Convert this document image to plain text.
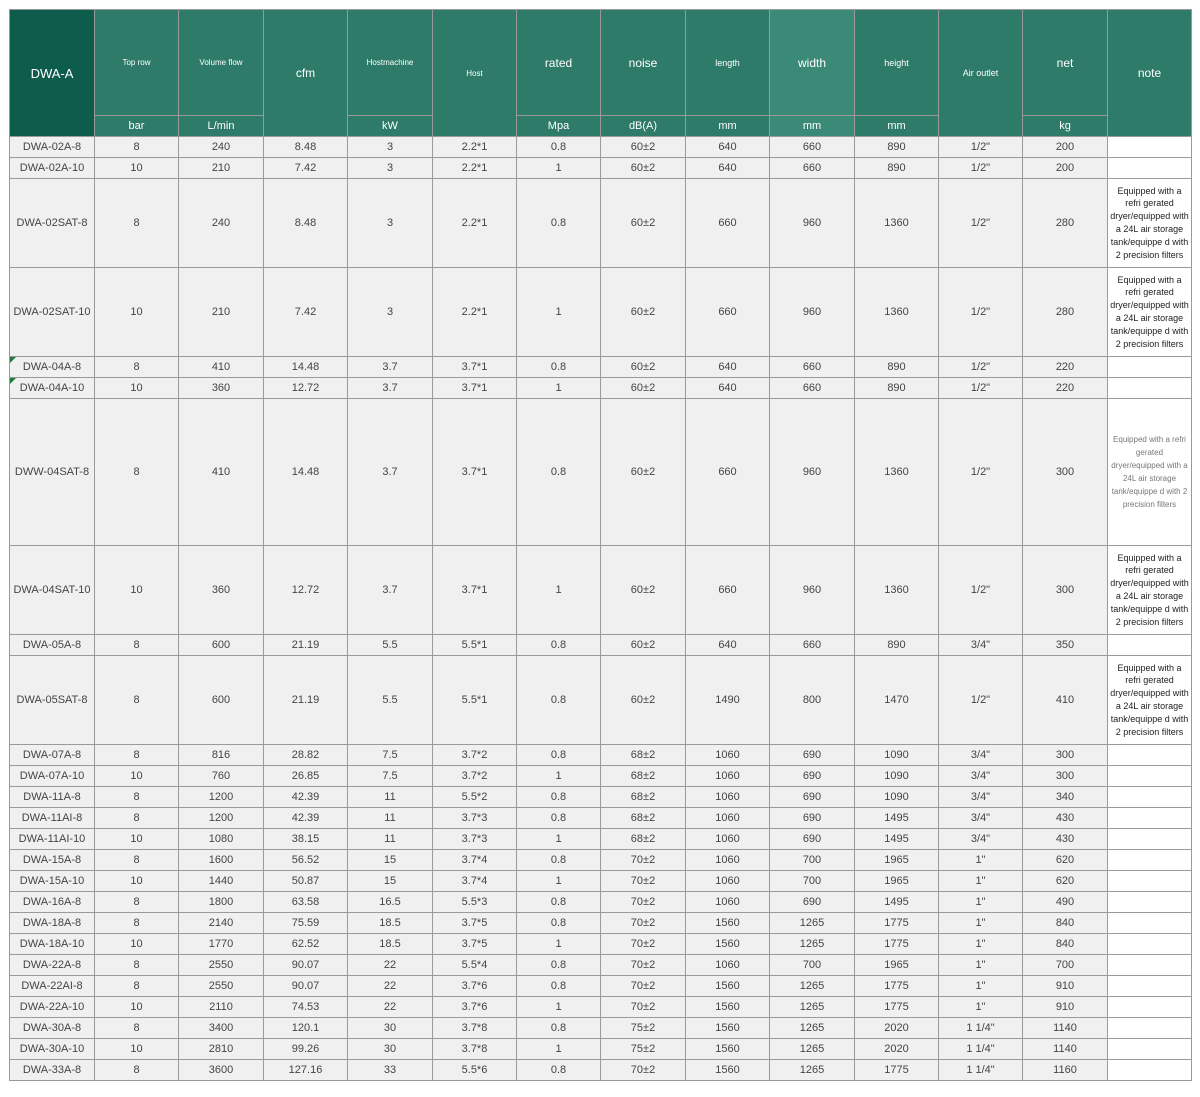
DWA-A	Top row	Volume flow	cfm	Hostmachine	Host	rated	noise	length	width	height	Air outlet	net	note
	bar	L/min		kW		Mpa	dB(A)	mm	mm	mm		kg	
DWA-02A-8	8	240	8.48	3	2.2*1	0.8	60±2	640	660	890	1/2"	200	
DWA-02A-10	10	210	7.42	3	2.2*1	1	60±2	640	660	890	1/2"	200	
DWA-02SAT-8	8	240	8.48	3	2.2*1	0.8	60±2	660	960	1360	1/2"	280	Equipped with a refri gerated dryer/equipped with a 24L air storage tank/equippe d with 2 precision filters
DWA-02SAT-10	10	210	7.42	3	2.2*1	1	60±2	660	960	1360	1/2"	280	Equipped with a refri gerated dryer/equipped with a 24L air storage tank/equippe d with 2 precision filters
DWA-04A-8	8	410	14.48	3.7	3.7*1	0.8	60±2	640	660	890	1/2"	220	
DWA-04A-10	10	360	12.72	3.7	3.7*1	1	60±2	640	660	890	1/2"	220	
DWW-04SAT-8	8	410	14.48	3.7	3.7*1	0.8	60±2	660	960	1360	1/2"	300	Equipped with a refri gerated dryer/equipped with a 24L air storage tank/equippe d with 2 precision filters
DWA-04SAT-10	10	360	12.72	3.7	3.7*1	1	60±2	660	960	1360	1/2"	300	Equipped with a refri gerated dryer/equipped with a 24L air storage tank/equippe d with 2 precision filters
DWA-05A-8	8	600	21.19	5.5	5.5*1	0.8	60±2	640	660	890	3/4"	350	
DWA-05SAT-8	8	600	21.19	5.5	5.5*1	0.8	60±2	1490	800	1470	1/2"	410	Equipped with a refri gerated dryer/equipped with a 24L air storage tank/equippe d with 2 precision filters
DWA-07A-8	8	816	28.82	7.5	3.7*2	0.8	68±2	1060	690	1090	3/4"	300	
DWA-07A-10	10	760	26.85	7.5	3.7*2	1	68±2	1060	690	1090	3/4"	300	
DWA-11A-8	8	1200	42.39	11	5.5*2	0.8	68±2	1060	690	1090	3/4"	340	
DWA-11AI-8	8	1200	42.39	11	3.7*3	0.8	68±2	1060	690	1495	3/4"	430	
DWA-11AI-10	10	1080	38.15	11	3.7*3	1	68±2	1060	690	1495	3/4"	430	
DWA-15A-8	8	1600	56.52	15	3.7*4	0.8	70±2	1060	700	1965	1"	620	
DWA-15A-10	10	1440	50.87	15	3.7*4	1	70±2	1060	700	1965	1"	620	
DWA-16A-8	8	1800	63.58	16.5	5.5*3	0.8	70±2	1060	690	1495	1"	490	
DWA-18A-8	8	2140	75.59	18.5	3.7*5	0.8	70±2	1560	1265	1775	1"	840	
DWA-18A-10	10	1770	62.52	18.5	3.7*5	1	70±2	1560	1265	1775	1"	840	
DWA-22A-8	8	2550	90.07	22	5.5*4	0.8	70±2	1060	700	1965	1"	700	
DWA-22AI-8	8	2550	90.07	22	3.7*6	0.8	70±2	1560	1265	1775	1"	910	
DWA-22A-10	10	2110	74.53	22	3.7*6	1	70±2	1560	1265	1775	1"	910	
DWA-30A-8	8	3400	120.1	30	3.7*8	0.8	75±2	1560	1265	2020	1 1/4"	1140	
DWA-30A-10	10	2810	99.26	30	3.7*8	1	75±2	1560	1265	2020	1 1/4"	1140	
DWA-33A-8	8	3600	127.16	33	5.5*6	0.8	70±2	1560	1265	1775	1 1/4"	1160	
